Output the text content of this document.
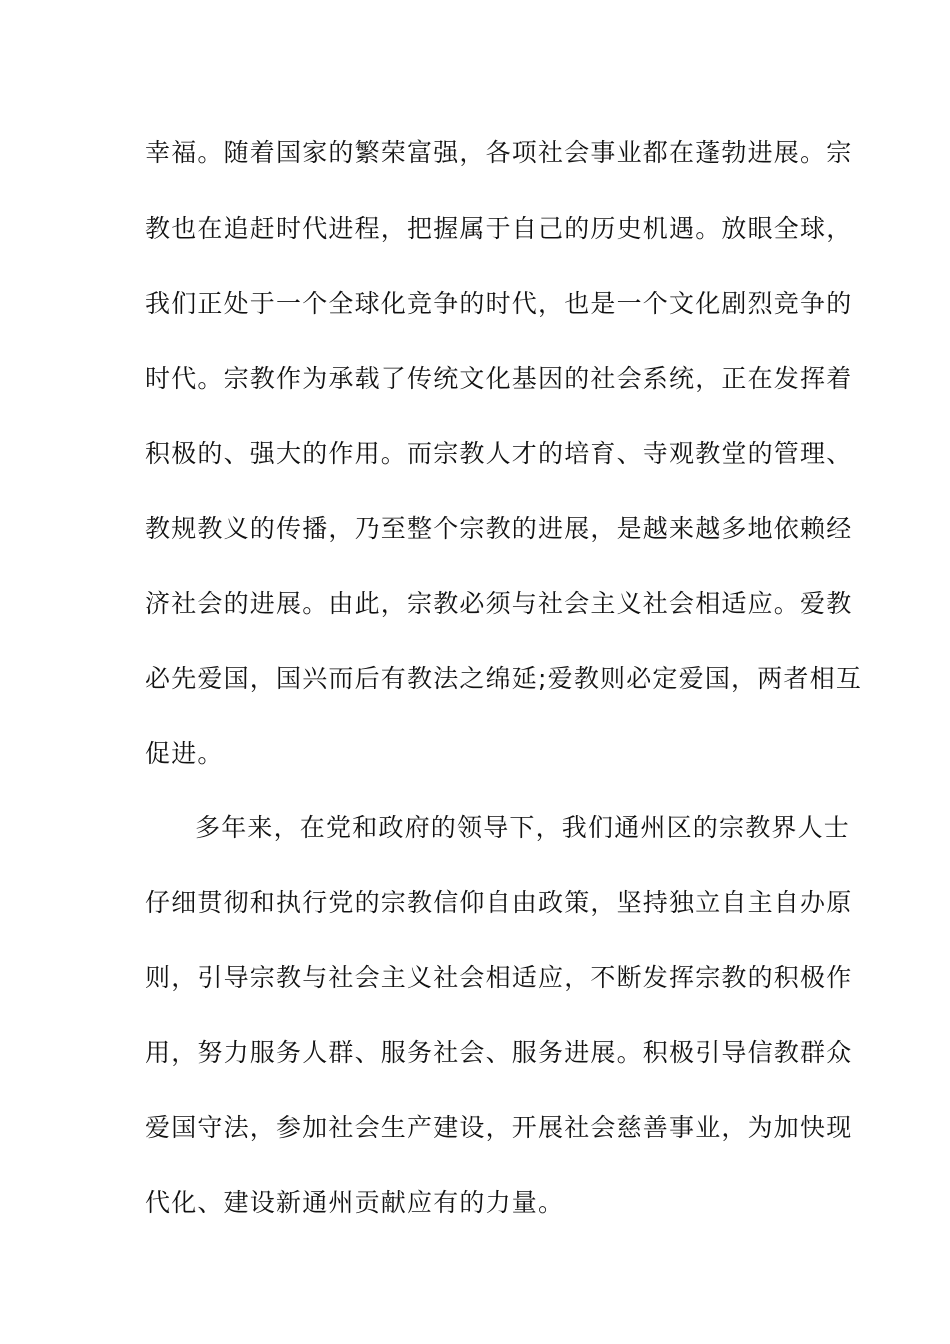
幸福。随着国家的繁荣富强，各项社会事业都在蓬勃进展。宗
教也在追赶时代进程，把握属于自己的历史机遇。放眼全球，
我们正处于一个全球化竞争的时代，也是一个文化剧烈竞争的
时代。宗教作为承载了传统文化基因的社会系统，正在发挥着
积极的、强大的作用。而宗教人才的培育、寺观教堂的管理、
教规教义的传播，乃至整个宗教的进展，是越来越多地依赖经
济社会的进展。由此，宗教必须与社会主义社会相适应。爱教
必先爱国，国兴而后有教法之绵延;爱教则必定爱国，两者相互
促进。
多年来，在党和政府的领导下，我们通州区的宗教界人士
仔细贯彻和执行党的宗教信仰自由政策，坚持独立自主自办原
则，引导宗教与社会主义社会相适应，不断发挥宗教的积极作
用，努力服务人群、服务社会、服务进展。积极引导信教群众
爱国守法，参加社会生产建设，开展社会慈善事业，为加快现
代化、建设新通州贡献应有的力量。
